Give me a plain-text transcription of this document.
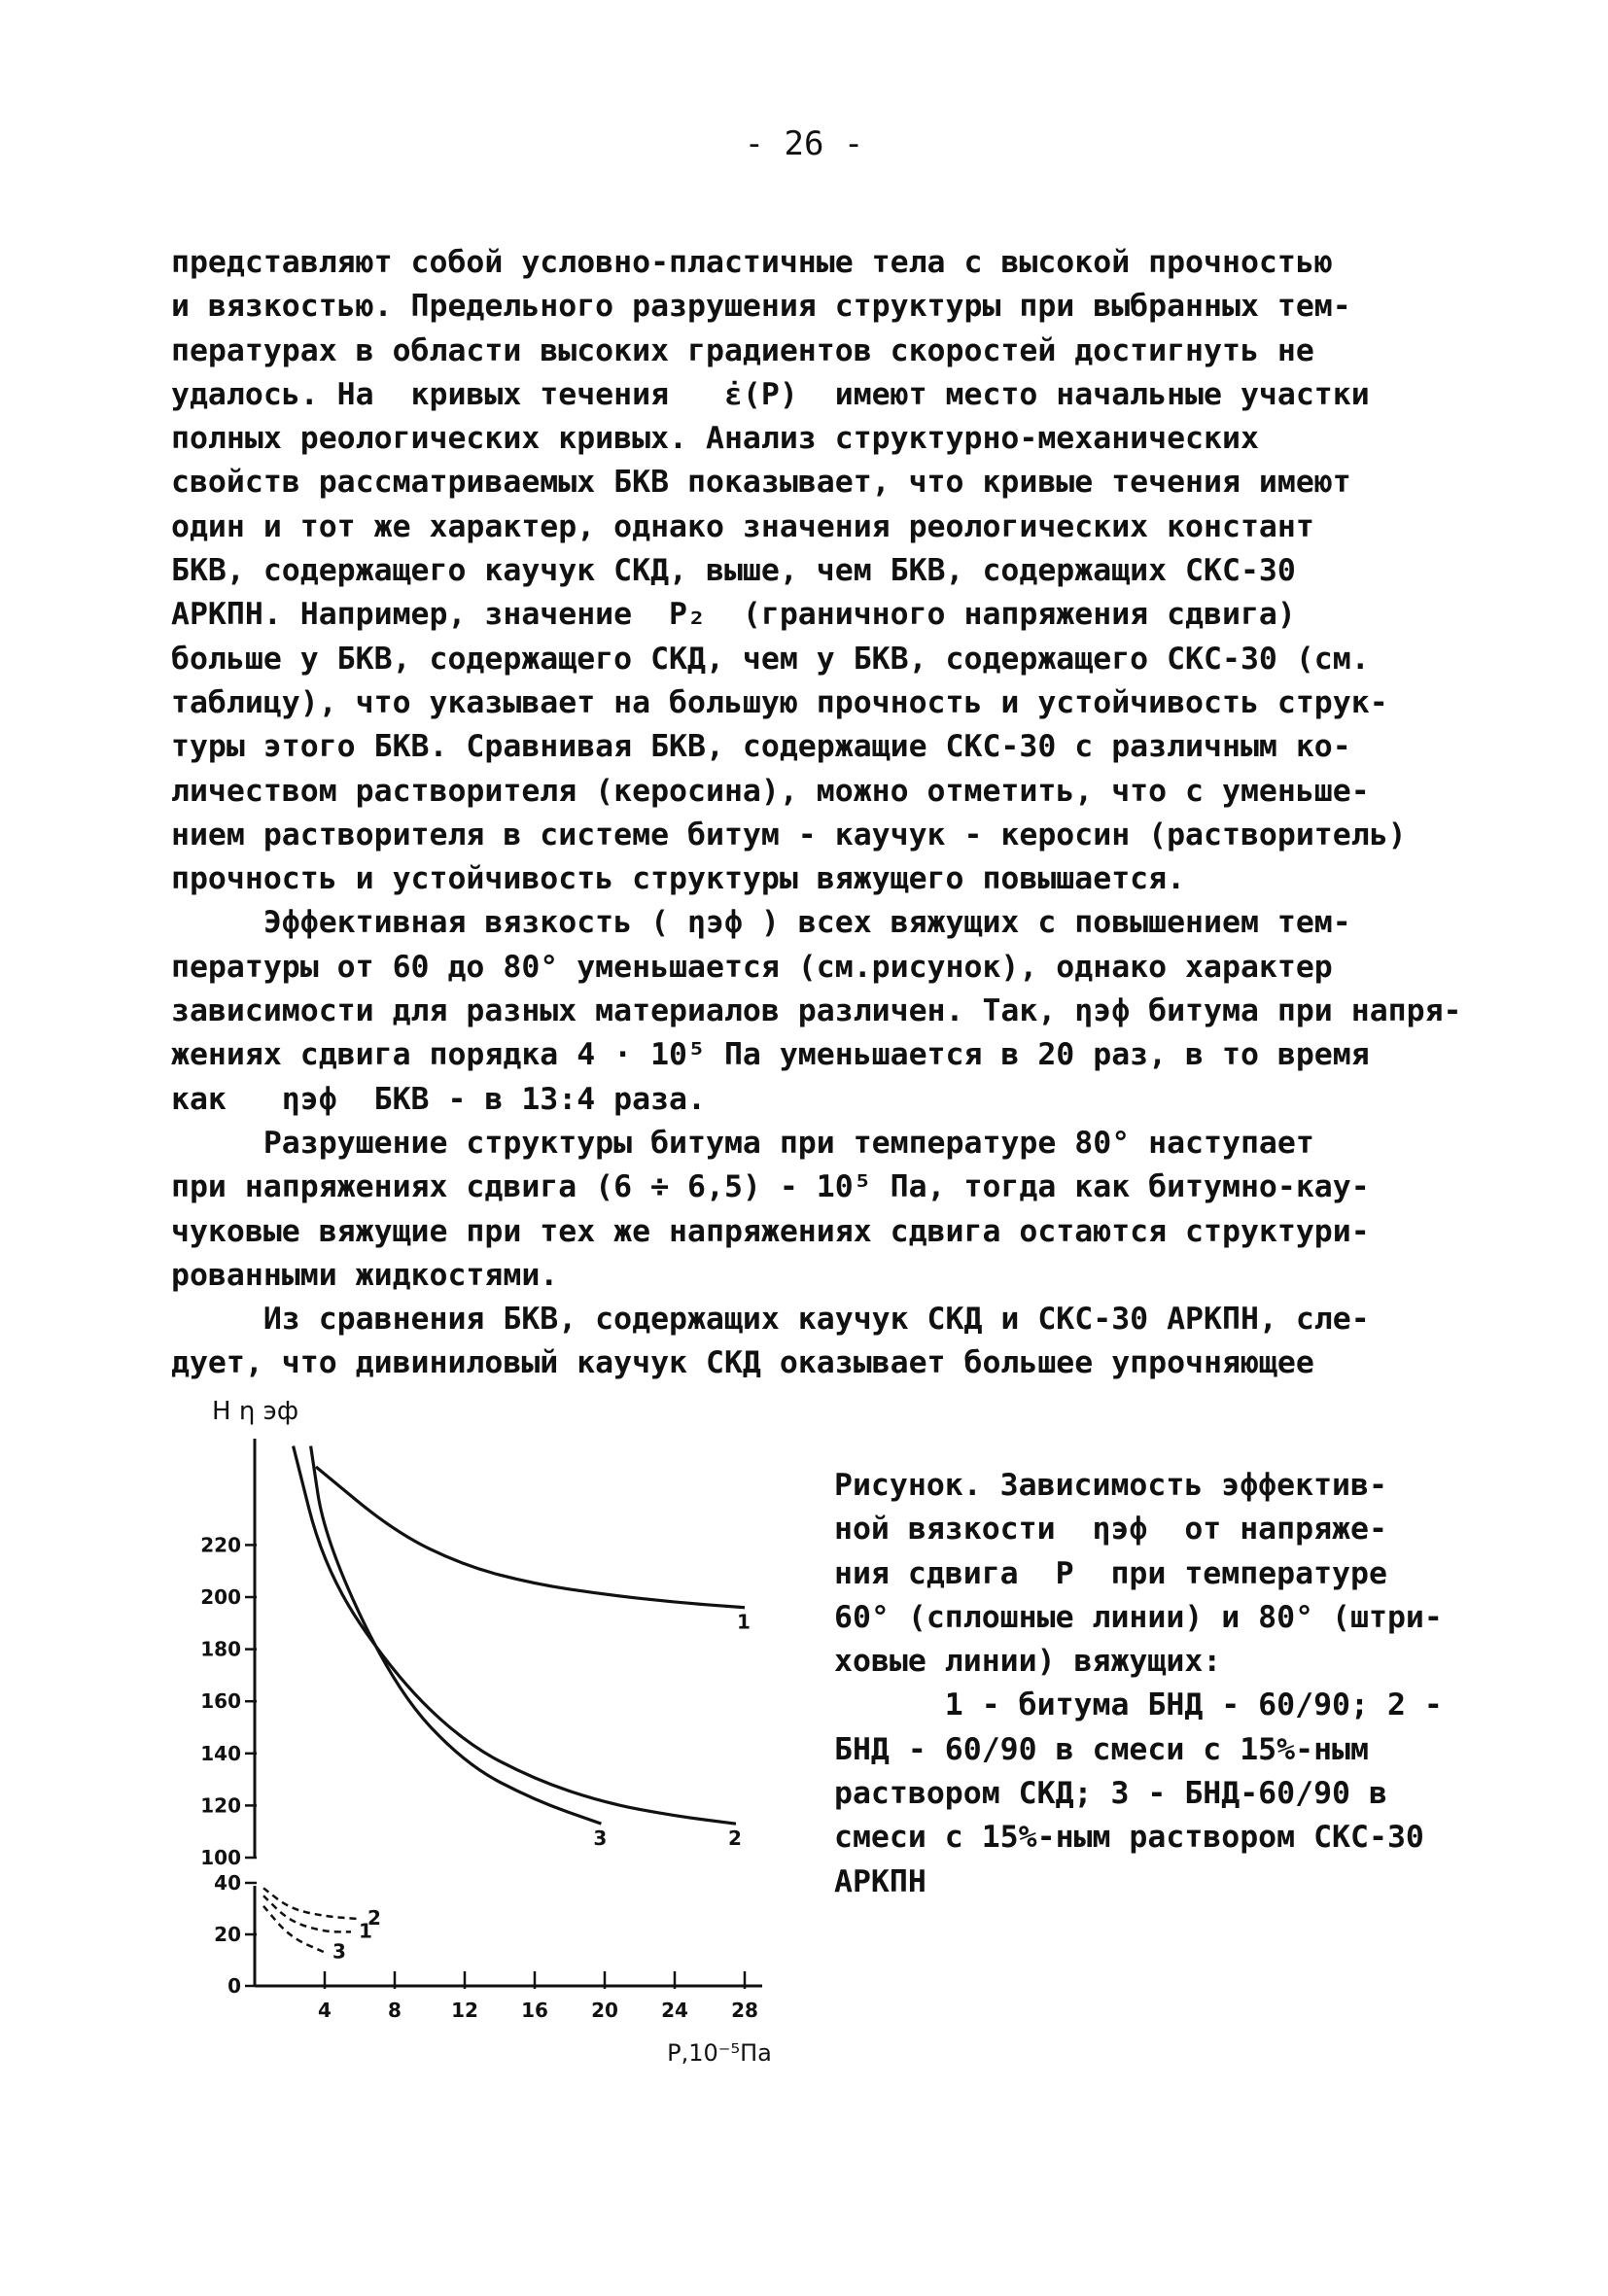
- 26 -
представляют собой условно-пластичные тела с высокой прочностью
и вязкостью. Предельного разрушения структуры при выбранных тем-
пературах в области высоких градиентов скоростей достигнуть не
удалось. На  кривых течения   ε̇(P)  имеют место начальные участки
полных реологических кривых. Анализ структурно-механических
свойств рассматриваемых БКВ показывает, что кривые течения имеют
один и тот же характер, однако значения реологических констант
БКВ, содержащего каучук СКД, выше, чем БКВ, содержащих СКС-30
АРКПН. Например, значение  P₂  (граничного напряжения сдвига)
больше у БКВ, содержащего СКД, чем у БКВ, содержащего СКС-30 (см.
таблицу), что указывает на большую прочность и устойчивость струк-
туры этого БКВ. Сравнивая БКВ, содержащие СКС-30 с различным ко-
личеством растворителя (керосина), можно отметить, что с уменьше-
нием растворителя в системе битум - каучук - керосин (растворитель)
прочность и устойчивость структуры вяжущего повышается.
Эффективная вязкость ( ηэф ) всех вяжущих с повышением тем-
пературы от 60 до 80° уменьшается (см.рисунок), однако характер
зависимости для разных материалов различен. Так, ηэф битума при напря-
жениях сдвига порядка 4 · 10⁵ Па уменьшается в 20 раз, в то время
как   ηэф  БКВ - в 13:4 раза.
Разрушение структуры битума при температуре 80° наступает
при напряжениях сдвига (6 ÷ 6,5) - 10⁵ Па, тогда как битумно-кау-
чуковые вяжущие при тех же напряжениях сдвига остаются структури-
рованными жидкостями.
Из сравнения БКВ, содержащих каучук СКД и СКС-30 АРКПН, сле-
дует, что дивиниловый каучук СКД оказывает большее упрочняющее
100
120
140
160
180
200
220
0
20
40
4	8	12 16 20 24 28
H η эф
P,10⁻⁵Па
1
2
3
2
1
3
Рисунок. Зависимость эффектив-
ной вязкости  ηэф  от напряже-
ния сдвига  P  при температуре
60° (сплошные линии) и 80° (штри-
ховые линии) вяжущих:
1 - битума БНД - 60/90; 2 -
БНД - 60/90 в смеси с 15%-ным
раствором СКД; 3 - БНД-60/90 в
смеси с 15%-ным раствором СКС-30
АРКПН
